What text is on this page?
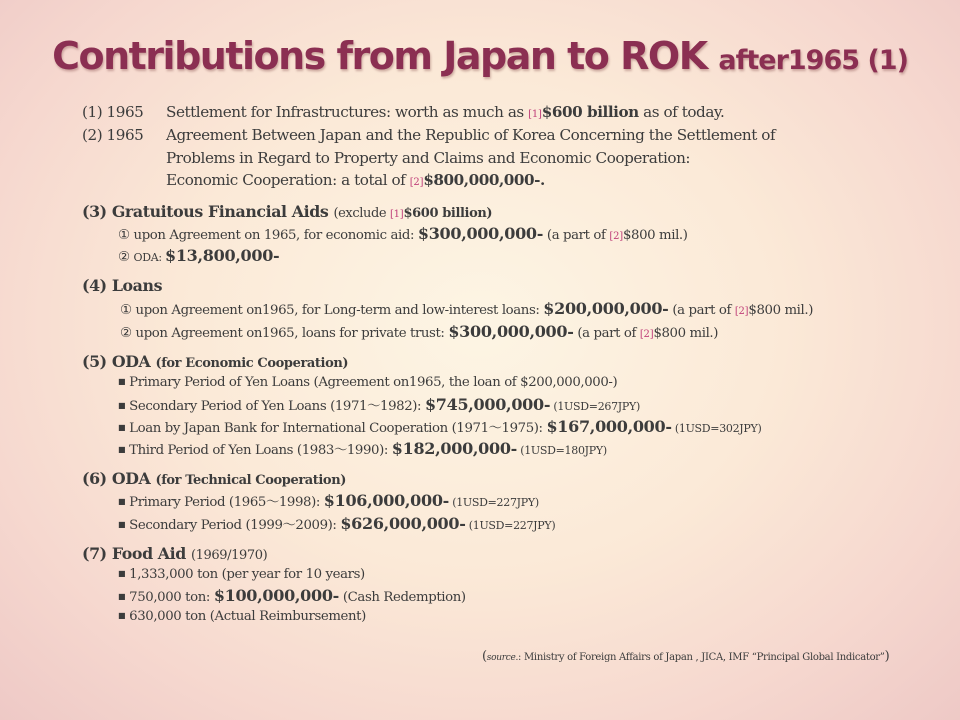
Contributions from Japan to ROK after1965 (1)
(1) 1965 Settlement for Infrastructures: worth as much as [1]$600 billion as of today.
(2) 1965 Agreement Between Japan and the Republic of Korea Concerning the Settlement of
Problems in Regard to Property and Claims and Economic Cooperation:
Economic Cooperation: a total of [2]$800,000,000-.
(3) Gratuitous Financial Aids (exclude [1]$600 billion)
① upon Agreement on 1965, for economic aid: $300,000,000- (a part of [2]$800 mil.)
② ODA: $13,800,000-
(4) Loans
① upon Agreement on1965, for Long-term and low-interest loans: $200,000,000- (a part of [2]$800 mil.)
② upon Agreement on1965, loans for private trust: $300,000,000- (a part of [2]$800 mil.)
(5) ODA (for Economic Cooperation)
■ Primary Period of Yen Loans (Agreement on1965, the loan of $200,000,000-)
■ Secondary Period of Yen Loans (1971～1982): $745,000,000- (1USD=267JPY)
■ Loan by Japan Bank for International Cooperation (1971～1975): $167,000,000- (1USD=302JPY)
■ Third Period of Yen Loans (1983～1990): $182,000,000- (1USD=180JPY)
(6) ODA (for Technical Cooperation)
■ Primary Period (1965～1998): $106,000,000- (1USD=227JPY)
■ Secondary Period (1999～2009): $626,000,000- (1USD=227JPY)
(7) Food Aid (1969/1970)
■ 1,333,000 ton (per year for 10 years)
■ 750,000 ton: $100,000,000- (Cash Redemption)
■ 630,000 ton (Actual Reimbursement)
(source.: Ministry of Foreign Affairs of Japan , JICA, IMF “Principal Global Indicator”)
